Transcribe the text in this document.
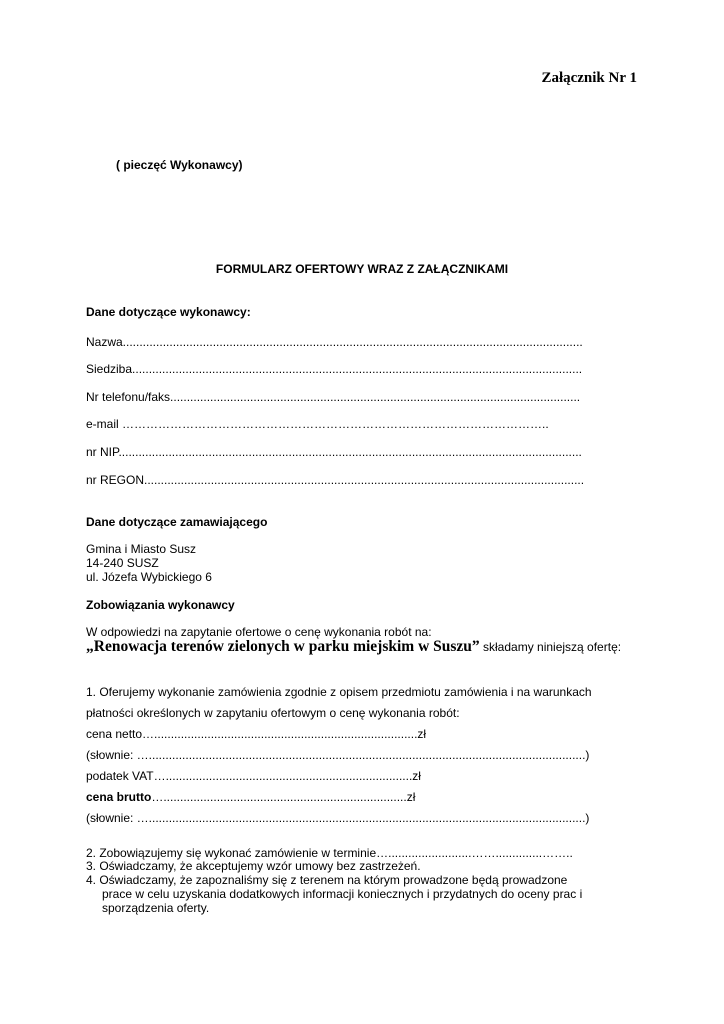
Załącznik Nr 1
( pieczęć Wykonawcy)
FORMULARZ OFERTOWY WRAZ Z ZAŁĄCZNIKAMI
Dane dotyczące wykonawcy:
Nazwa..........................................................................................................................................
Siedziba.......................................................................................................................................
Nr telefonu/faks...........................................................................................................................
e-mail ……………………………………………………………………………………………..
nr NIP...........................................................................................................................................
nr REGON....................................................................................................................................
Dane dotyczące zamawiającego
Gmina i Miasto Susz
14-240 SUSZ
ul. Józefa Wybickiego 6
Zobowiązania wykonawcy
W odpowiedzi na zapytanie ofertowe o cenę wykonania robót na:
„Renowacja terenów zielonych w parku miejskim w Suszu” składamy niniejszą ofertę:
1. Oferujemy wykonanie zamówienia zgodnie z opisem przedmiotu zamówienia i na warunkach
płatności określonych w zapytaniu ofertowym o cenę wykonania robót:
cena netto…...............................................................................zł
(słownie: …...................................................................................................................................)
podatek VAT…..........................................................................zł
cena brutto….........................................................................zł
(słownie: …...................................................................................................................................)
2. Zobowiązujemy się wykonać zamówienie w terminie….........................……..............……..
3. Oświadczamy, że akceptujemy wzór umowy bez zastrzeżeń.
4. Oświadczamy, że zapoznaliśmy się z terenem na którym prowadzone będą prowadzone
prace w celu uzyskania dodatkowych informacji koniecznych i przydatnych do oceny prac i
sporządzenia oferty.
